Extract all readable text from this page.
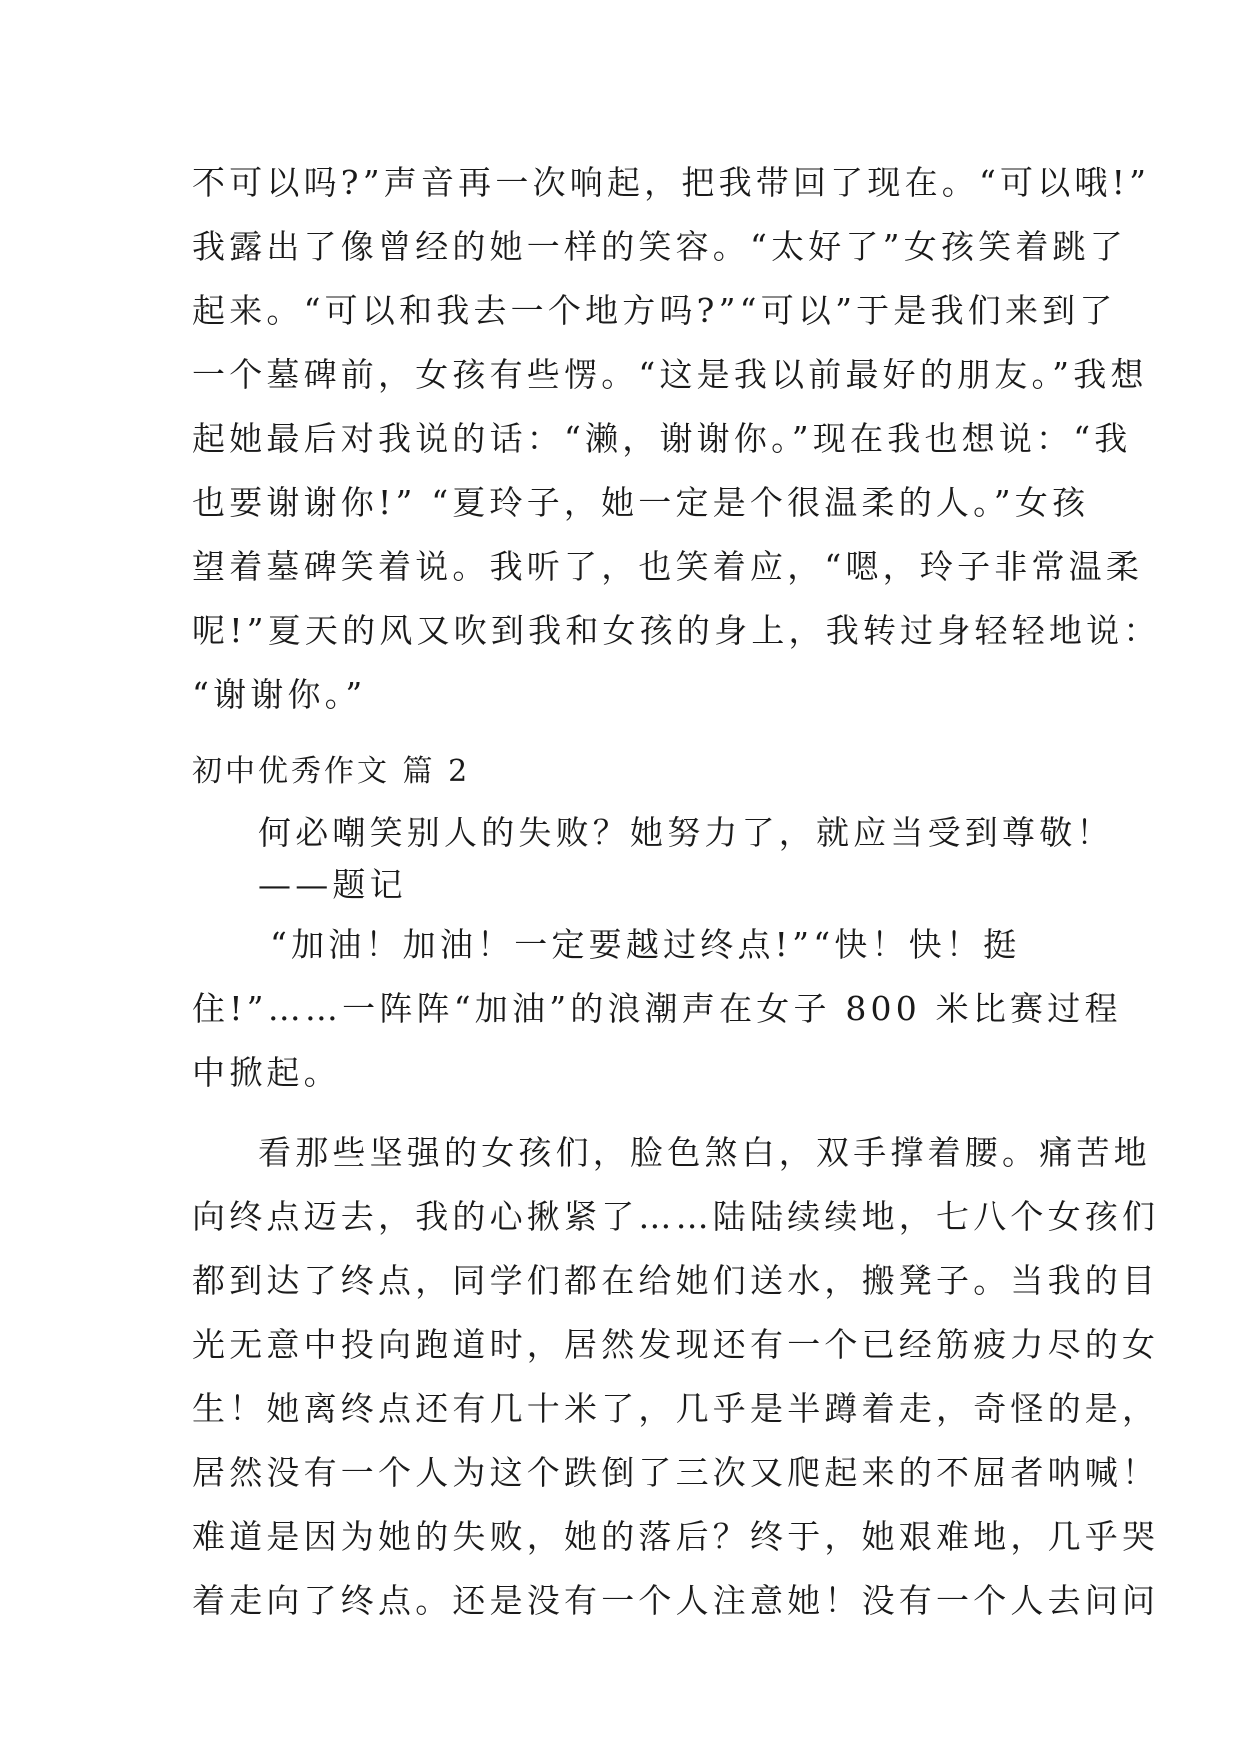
不可以吗?”声音再一次响起，把我带回了现在。“可以哦!”
我露出了像曾经的她一样的笑容。“太好了”女孩笑着跳了
起来。“可以和我去一个地方吗?”“可以”于是我们来到了
一个墓碑前，女孩有些愣。“这是我以前最好的朋友。”我想
起她最后对我说的话：“濑，谢谢你。”现在我也想说：“我
也要谢谢你!” “夏玲子，她一定是个很温柔的人。”女孩
望着墓碑笑着说。我听了，也笑着应，“嗯，玲子非常温柔
呢!”夏天的风又吹到我和女孩的身上，我转过身轻轻地说：
“谢谢你。”
初中优秀作文 篇 2
何必嘲笑别人的失败？她努力了，就应当受到尊敬！
——题记
“加油！加油！一定要越过终点!”“快！快！挺
住!”……一阵阵“加油”的浪潮声在女子 800 米比赛过程
中掀起。
看那些坚强的女孩们，脸色煞白，双手撑着腰。痛苦地
向终点迈去，我的心揪紧了……陆陆续续地，七八个女孩们
都到达了终点，同学们都在给她们送水，搬凳子。当我的目
光无意中投向跑道时，居然发现还有一个已经筋疲力尽的女
生！她离终点还有几十米了，几乎是半蹲着走，奇怪的是，
居然没有一个人为这个跌倒了三次又爬起来的不屈者呐喊！
难道是因为她的失败，她的落后？终于，她艰难地，几乎哭
着走向了终点。还是没有一个人注意她！没有一个人去问问
